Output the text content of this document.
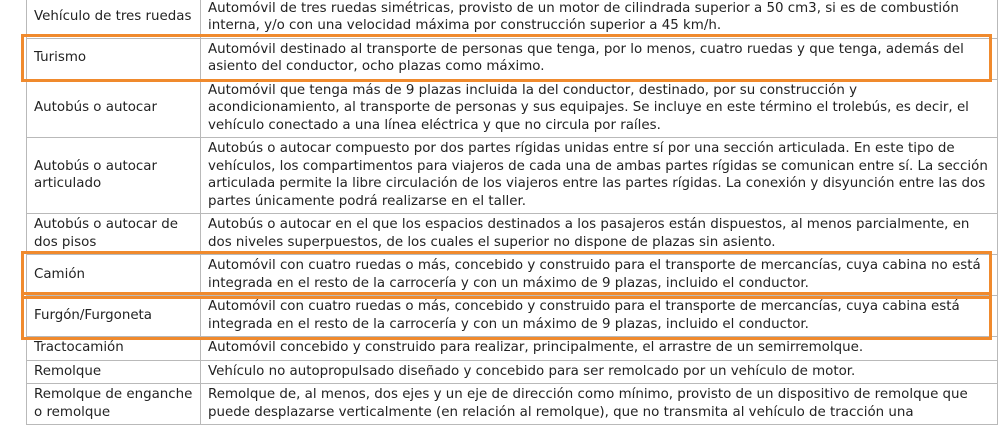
Vehículo de tres ruedas	Automóvil de tres ruedas simétricas, provisto de un motor de cilindrada superior a 50 cm3, si es de combustión interna, y/o con una velocidad máxima por construcción superior a 45 km/h.
Turismo	Automóvil destinado al transporte de personas que tenga, por lo menos, cuatro ruedas y que tenga, además del asiento del conductor, ocho plazas como máximo.
Autobús o autocar	Automóvil que tenga más de 9 plazas incluida la del conductor, destinado, por su construcción y acondicionamiento, al transporte de personas y sus equipajes. Se incluye en este término el trolebús, es decir, el vehículo conectado a una línea eléctrica y que no circula por raíles.
Autobús o autocar articulado	Autobús o autocar compuesto por dos partes rígidas unidas entre sí por una sección articulada. En este tipo de vehículos, los compartimentos para viajeros de cada una de ambas partes rígidas se comunican entre sí. La sección articulada permite la libre circulación de los viajeros entre las partes rígidas. La conexión y disyunción entre las dos partes únicamente podrá realizarse en el taller.
Autobús o autocar de dos pisos	Autobús o autocar en el que los espacios destinados a los pasajeros están dispuestos, al menos parcialmente, en dos niveles superpuestos, de los cuales el superior no dispone de plazas sin asiento.
Camión	Automóvil con cuatro ruedas o más, concebido y construido para el transporte de mercancías, cuya cabina no está integrada en el resto de la carrocería y con un máximo de 9 plazas, incluido el conductor.
Furgón/Furgoneta	Automóvil con cuatro ruedas o más, concebido y construido para el transporte de mercancías, cuya cabina está integrada en el resto de la carrocería y con un máximo de 9 plazas, incluido el conductor.
Tractocamión	Automóvil concebido y construido para realizar, principalmente, el arrastre de un semirremolque.
Remolque	Vehículo no autopropulsado diseñado y concebido para ser remolcado por un vehículo de motor.
Remolque de enganche o remolque	Remolque de, al menos, dos ejes y un eje de dirección como mínimo, provisto de un dispositivo de remolque que puede desplazarse verticalmente (en relación al remolque), que no transmita al vehículo de tracción una
